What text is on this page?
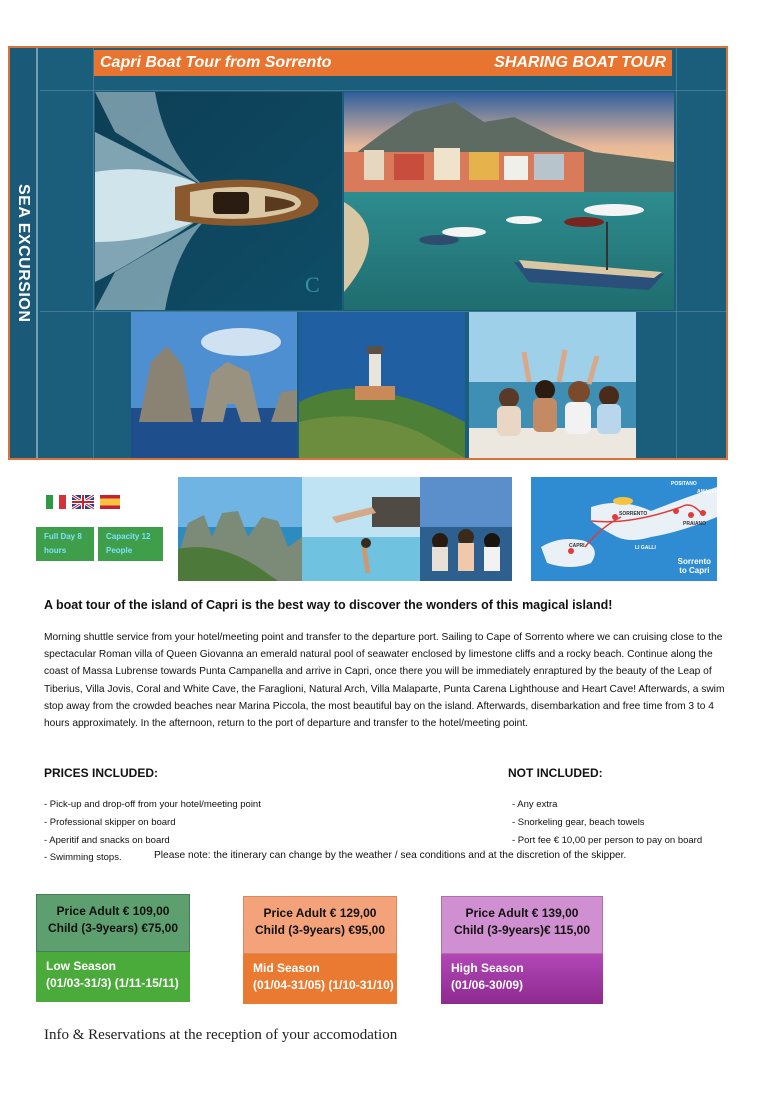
SEA EXCURSION
Capri Boat Tour from Sorrento	SHARING BOAT TOUR
C
Full Day 8 hours
Capacity 12 People
POSITANO
AMALFI
SORRENTO
PRAIANO
CAPRI	LI GALLI
Sorrento
to Capri
A boat tour of the island of Capri is the best way to discover the wonders of this magical island!
Morning shuttle service from your hotel/meeting point and transfer to the departure port. Sailing to Cape of Sorrento where we can cruising close to the spectacular Roman villa of Queen Giovanna an emerald natural pool of seawater enclosed by limestone cliffs and a rocky beach. Continue along the coast of Massa Lubrense towards Punta Campanella and arrive in Capri, once there you will be immediately enraptured by the beauty of the Leap of Tiberius, Villa Jovis, Coral and White Cave, the Faraglioni, Natural Arch, Villa Malaparte, Punta Carena Lighthouse and Heart Cave! Afterwards, a swim stop away from the crowded beaches near Marina Piccola, the most beautiful bay on the island. Afterwards, disembarkation and free time from 3 to 4 hours approximately. In the afternoon, return to the port of departure and transfer to the hotel/meeting point.
PRICES INCLUDED:	NOT INCLUDED:
- Pick-up and drop-off from your hotel/meeting point
- Professional skipper on board
- Aperitif and snacks on board
- Swimming stops.
- Any extra
- Snorkeling gear, beach towels
- Port fee € 10,00 per person to pay on board
Please note: the itinerary can change by the weather / sea conditions and at the discretion of the skipper.
Price Adult € 109,00
Child (3-9years) €75,00
Low Season
(01/03-31/3) (1/11-15/11)
Price Adult € 129,00
Child (3-9years) €95,00
Mid Season
(01/04-31/05) (1/10-31/10)
Price Adult € 139,00
Child (3-9years)€ 115,00
High Season
(01/06-30/09)
Info & Reservations at the reception of your accomodation
